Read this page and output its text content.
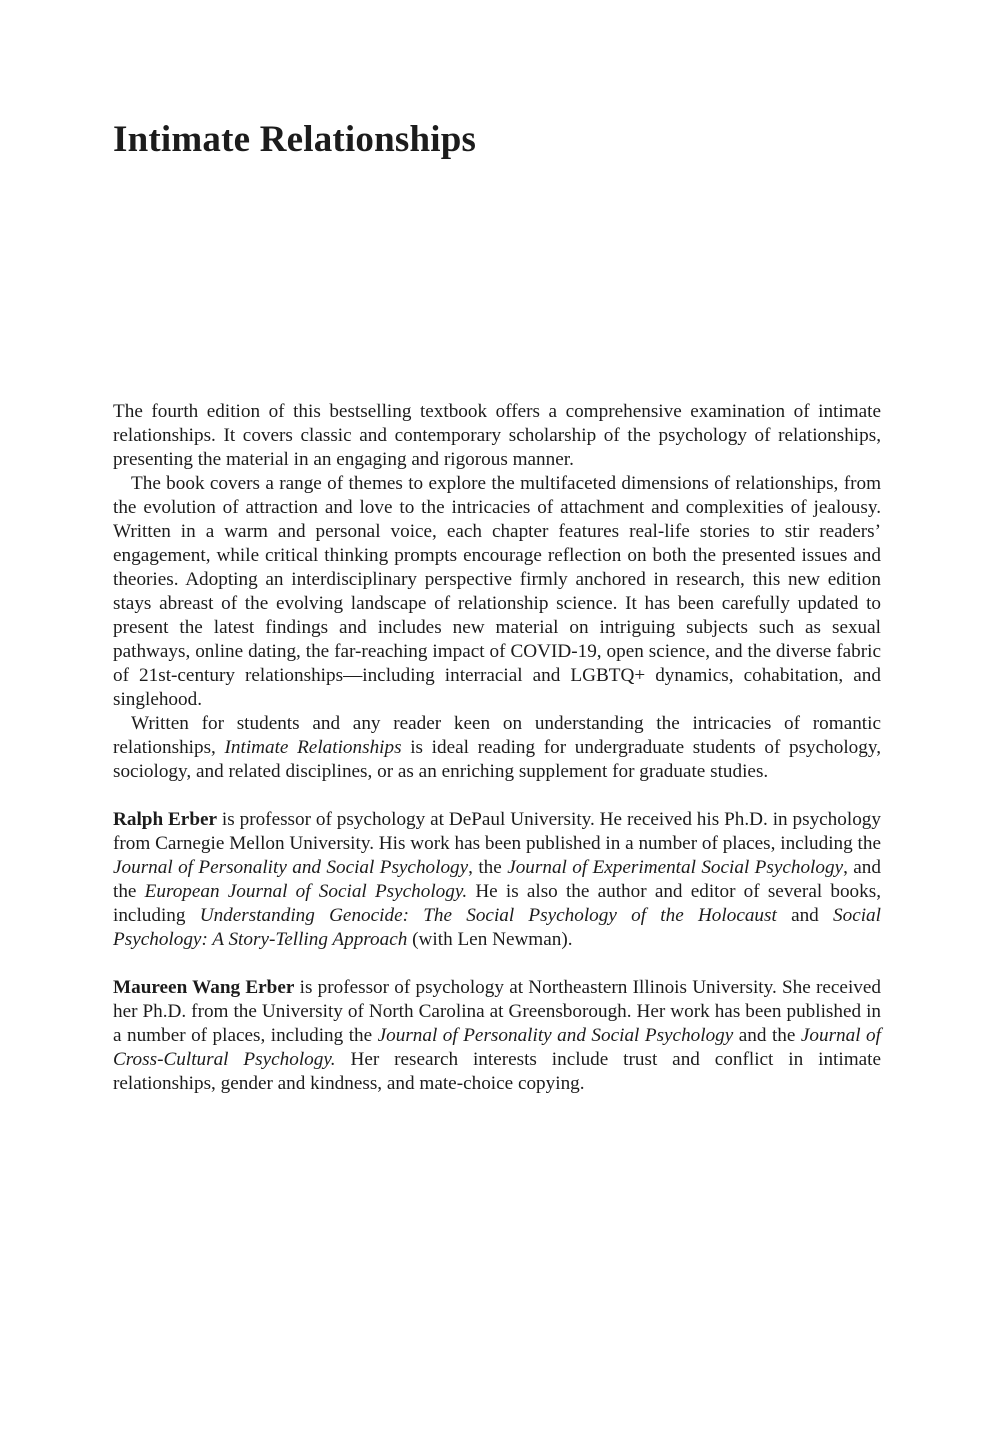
Intimate Relationships

The fourth edition of this bestselling textbook offers a comprehensive examination of intimate relationships. It covers classic and contemporary scholarship of the psychology of relationships, presenting the material in an engaging and rigorous manner.

The book covers a range of themes to explore the multifaceted dimensions of relationships, from the evolution of attraction and love to the intricacies of attachment and complexities of jealousy. Written in a warm and personal voice, each chapter features real-life stories to stir readers’ engagement, while critical thinking prompts encourage reflection on both the presented issues and theories. Adopting an interdisciplinary perspective firmly anchored in research, this new edition stays abreast of the evolving landscape of relationship science. It has been carefully updated to present the latest findings and includes new material on intriguing subjects such as sexual pathways, online dating, the far-reaching impact of COVID-19, open science, and the diverse fabric of 21st-century relationships—including interracial and LGBTQ+ dynamics, cohabitation, and singlehood.

Written for students and any reader keen on understanding the intricacies of romantic relationships, Intimate Relationships is ideal reading for undergraduate students of psychology, sociology, and related disciplines, or as an enriching supplement for graduate studies.

Ralph Erber is professor of psychology at DePaul University. He received his Ph.D. in psychology from Carnegie Mellon University. His work has been published in a number of places, including the Journal of Personality and Social Psychology, the Journal of Experimental Social Psychology, and the European Journal of Social Psychology. He is also the author and editor of several books, including Understanding Genocide: The Social Psychology of the Holocaust and Social Psychology: A Story-Telling Approach (with Len Newman).

Maureen Wang Erber is professor of psychology at Northeastern Illinois University. She received her Ph.D. from the University of North Carolina at Greensborough. Her work has been published in a number of places, including the Journal of Personality and Social Psychology and the Journal of Cross-Cultural Psychology. Her research interests include trust and conflict in intimate relationships, gender and kindness, and mate-choice copying.
